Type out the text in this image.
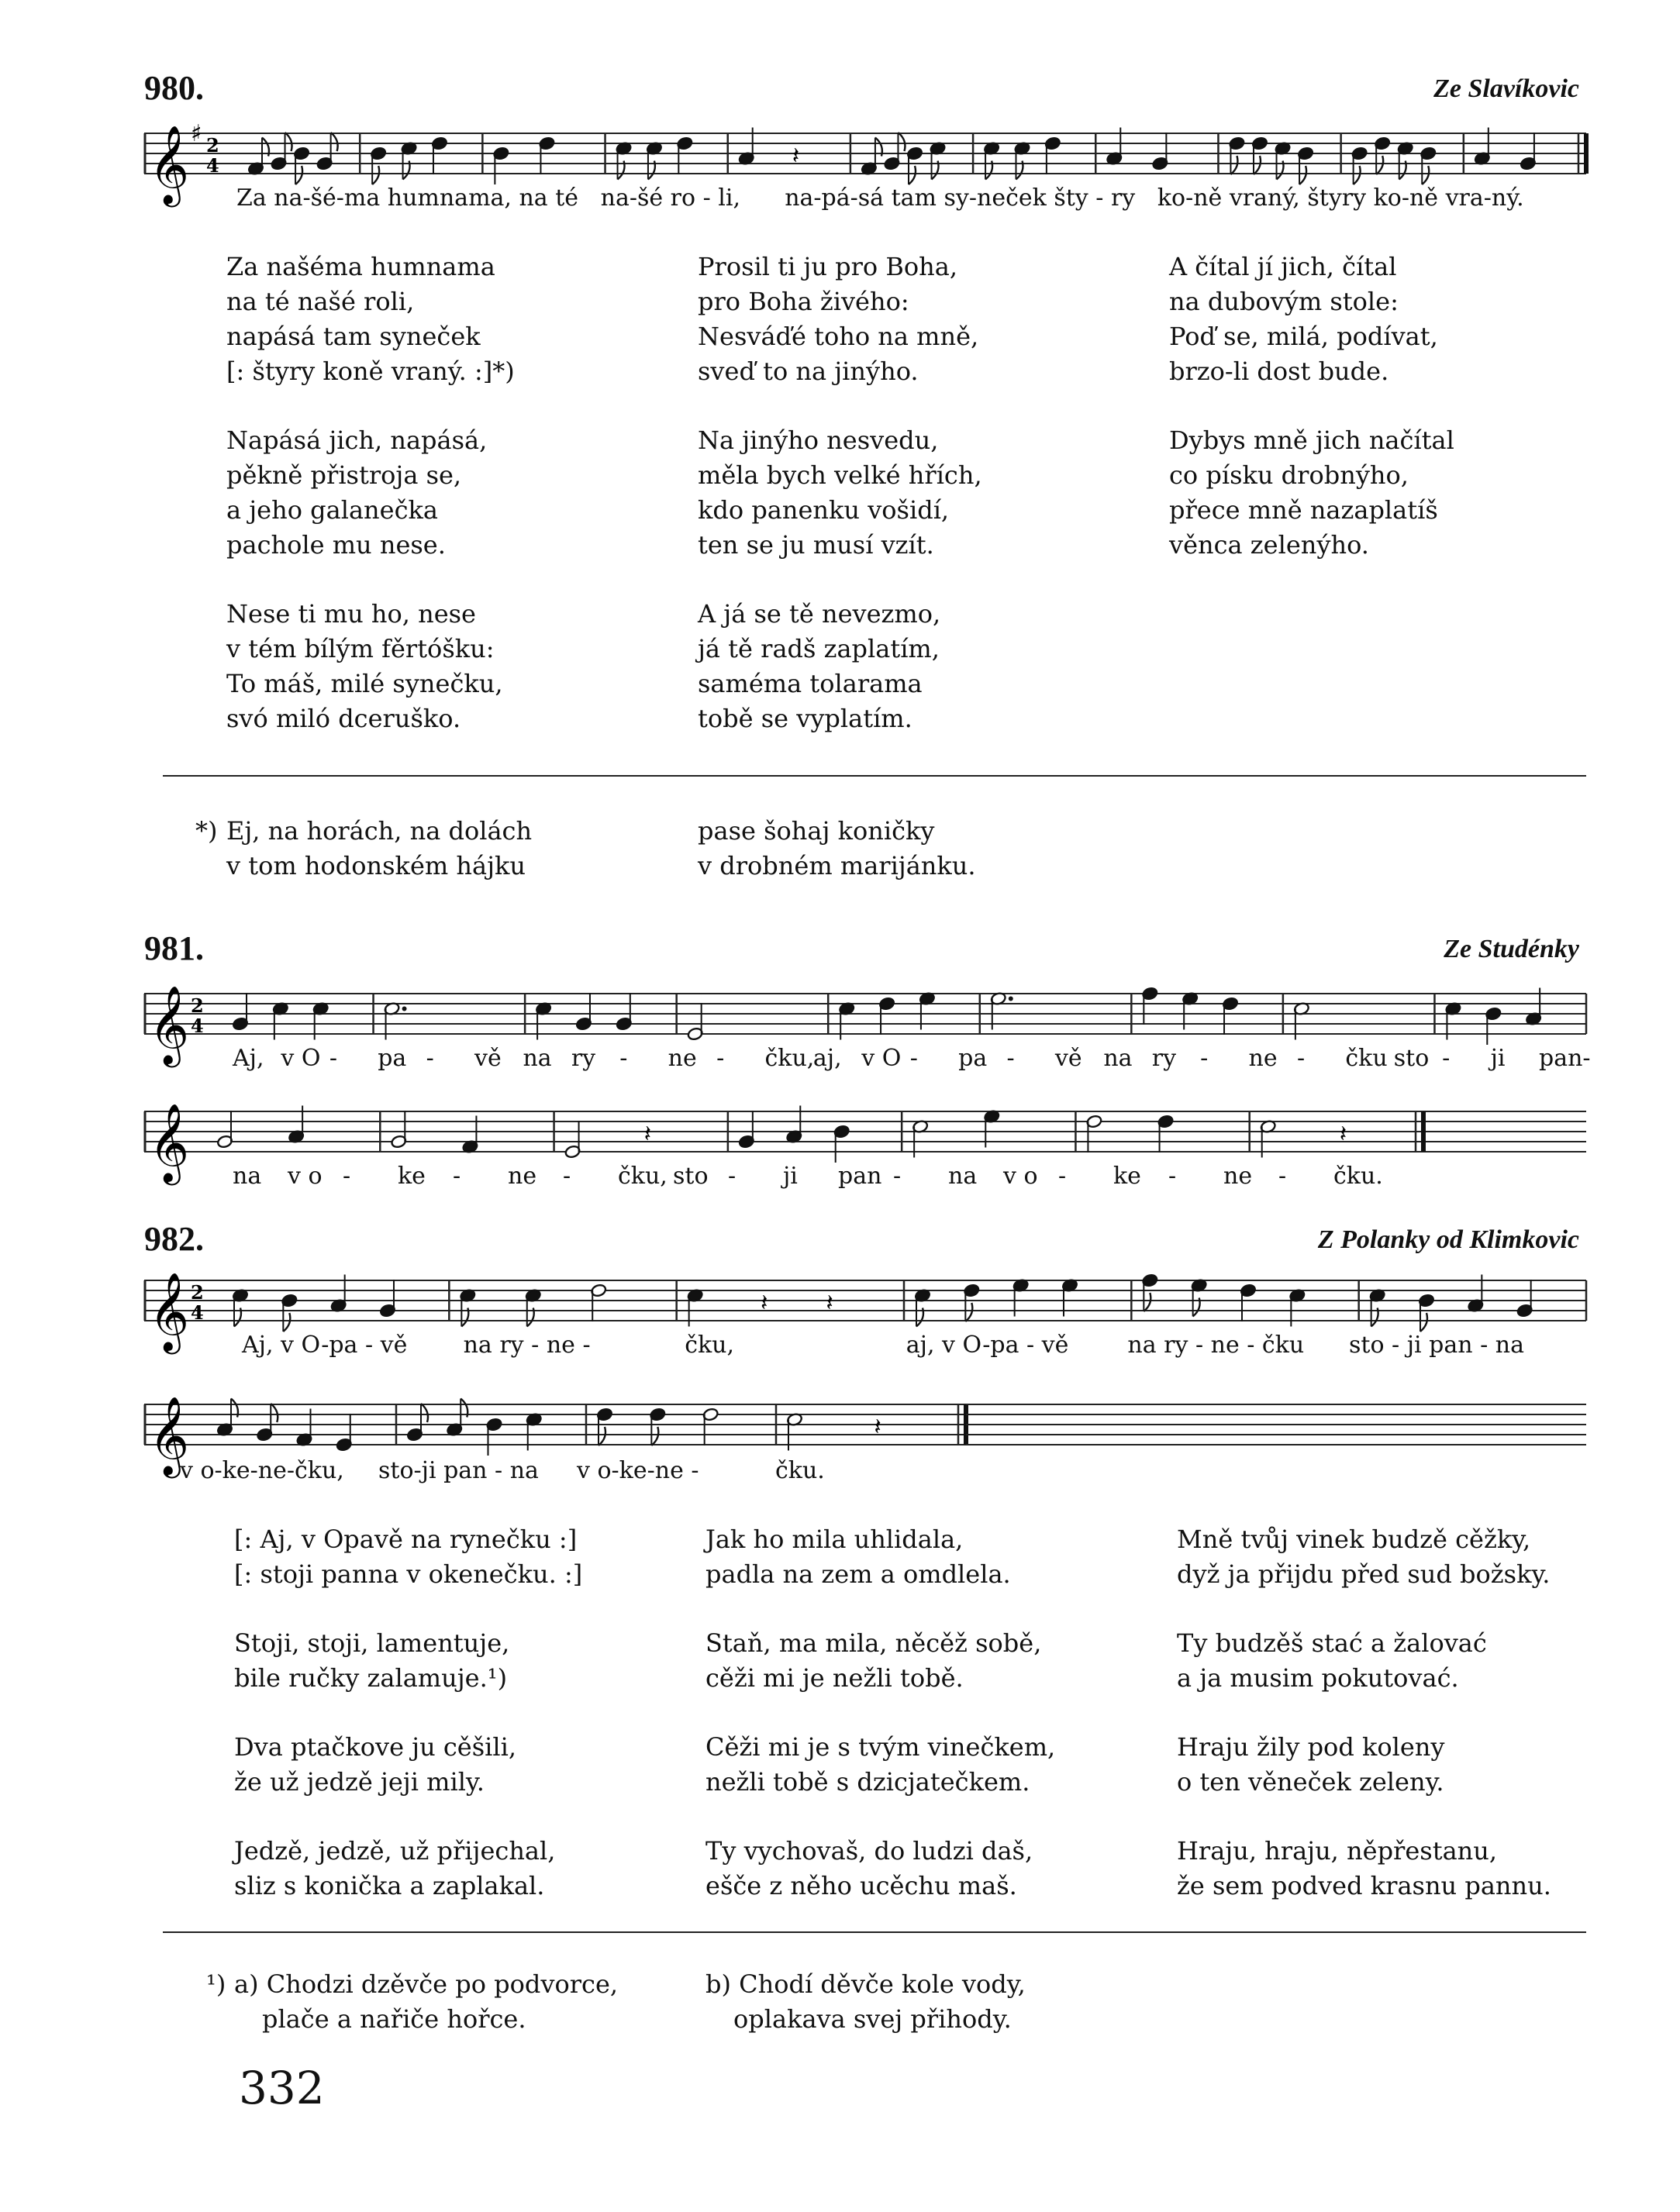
980.	Ze Slavíkovic
𝄞 ♯ 2
4	𝄽
Za na-šé-ma humnama, na té   na-šé ro - li,      na-pá-sá tam sy-neček šty - ry   ko-ně vraný, štyry ko-ně vra-ný.
Za našéma humnama
na té našé roli,
napásá tam syneček
[: štyry koně vraný. :]*)
Napásá jich, napásá,
pěkně přistroja se,
a jeho galanečka
pachole mu nese.
Nese ti mu ho, nese
v tém bílým fěrtóšku:
To máš, milé synečku,
svó miló dceruško.
Prosil ti ju pro Boha,
pro Boha živého:
Nesváďé toho na mně,
sveď to na jinýho.
Na jinýho nesvedu,
měla bych velké hřích,
kdo panenku vošidí,
ten se ju musí vzít.
A já se tě nevezmo,
já tě radš zaplatím,
saméma tolarama
tobě se vyplatím.
A čítal jí jich, čítal
na dubovým stole:
Poď se, milá, podívat,
brzo-li dost bude.
Dybys mně jich načítal
co písku drobnýho,
přece mně nazaplatíš
věnca zelenýho.
*) Ej, na horách, na dolách
v tom hodonském hájku
pase šohaj koničky
v drobném marijánku.
981.	Ze Studénky
𝄞 2
4
Aj, v O - pa - vě na ry - ne - čku,
aj, v O - pa - vě na ry - ne - čku sto - ji pan-
𝄞	𝄽	𝄽
na v o - ke - ne - čku, sto - ji pan - na v o - ke - ne - čku.
982.	Z Polanky od Klimkovic
𝄞 2
4	𝄽	𝄽
Aj, v O-pa - vě na ry - ne -	čku,	aj, v O-pa - vě	na ry - ne - čku sto - ji pan - na
𝄞	𝄽
v o-ke-ne-čku, sto-ji pan - na v o-ke-ne -	čku.
[: Aj, v Opavě na rynečku :]
[: stoji panna v okenečku. :]
Stoji, stoji, lamentuje,
bile ručky zalamuje.¹)
Dva ptačkove ju cěšili,
že už jedzě jeji mily.
Jedzě, jedzě, už přijechal,
sliz s konička a zaplakal.
Jak ho mila uhlidala,
padla na zem a omdlela.
Staň, ma mila, něcěž sobě,
cěži mi je nežli tobě.
Cěži mi je s tvým vinečkem,
nežli tobě s dzicjatečkem.
Ty vychovaš, do ludzi daš,
ešče z něho ucěchu maš.
Mně tvůj vinek budzě cěžky,
dyž ja přijdu před sud božsky.
Ty budzěš stać a žalovać
a ja musim pokutovać.
Hraju žily pod koleny
o ten věneček zeleny.
Hraju, hraju, něpřestanu,
že sem podved krasnu pannu.
¹) a) Chodzi dzěvče po podvorce,
plače a nařiče hořce.
b) Chodí děvče kole vody,
oplakava svej přihody.
332
